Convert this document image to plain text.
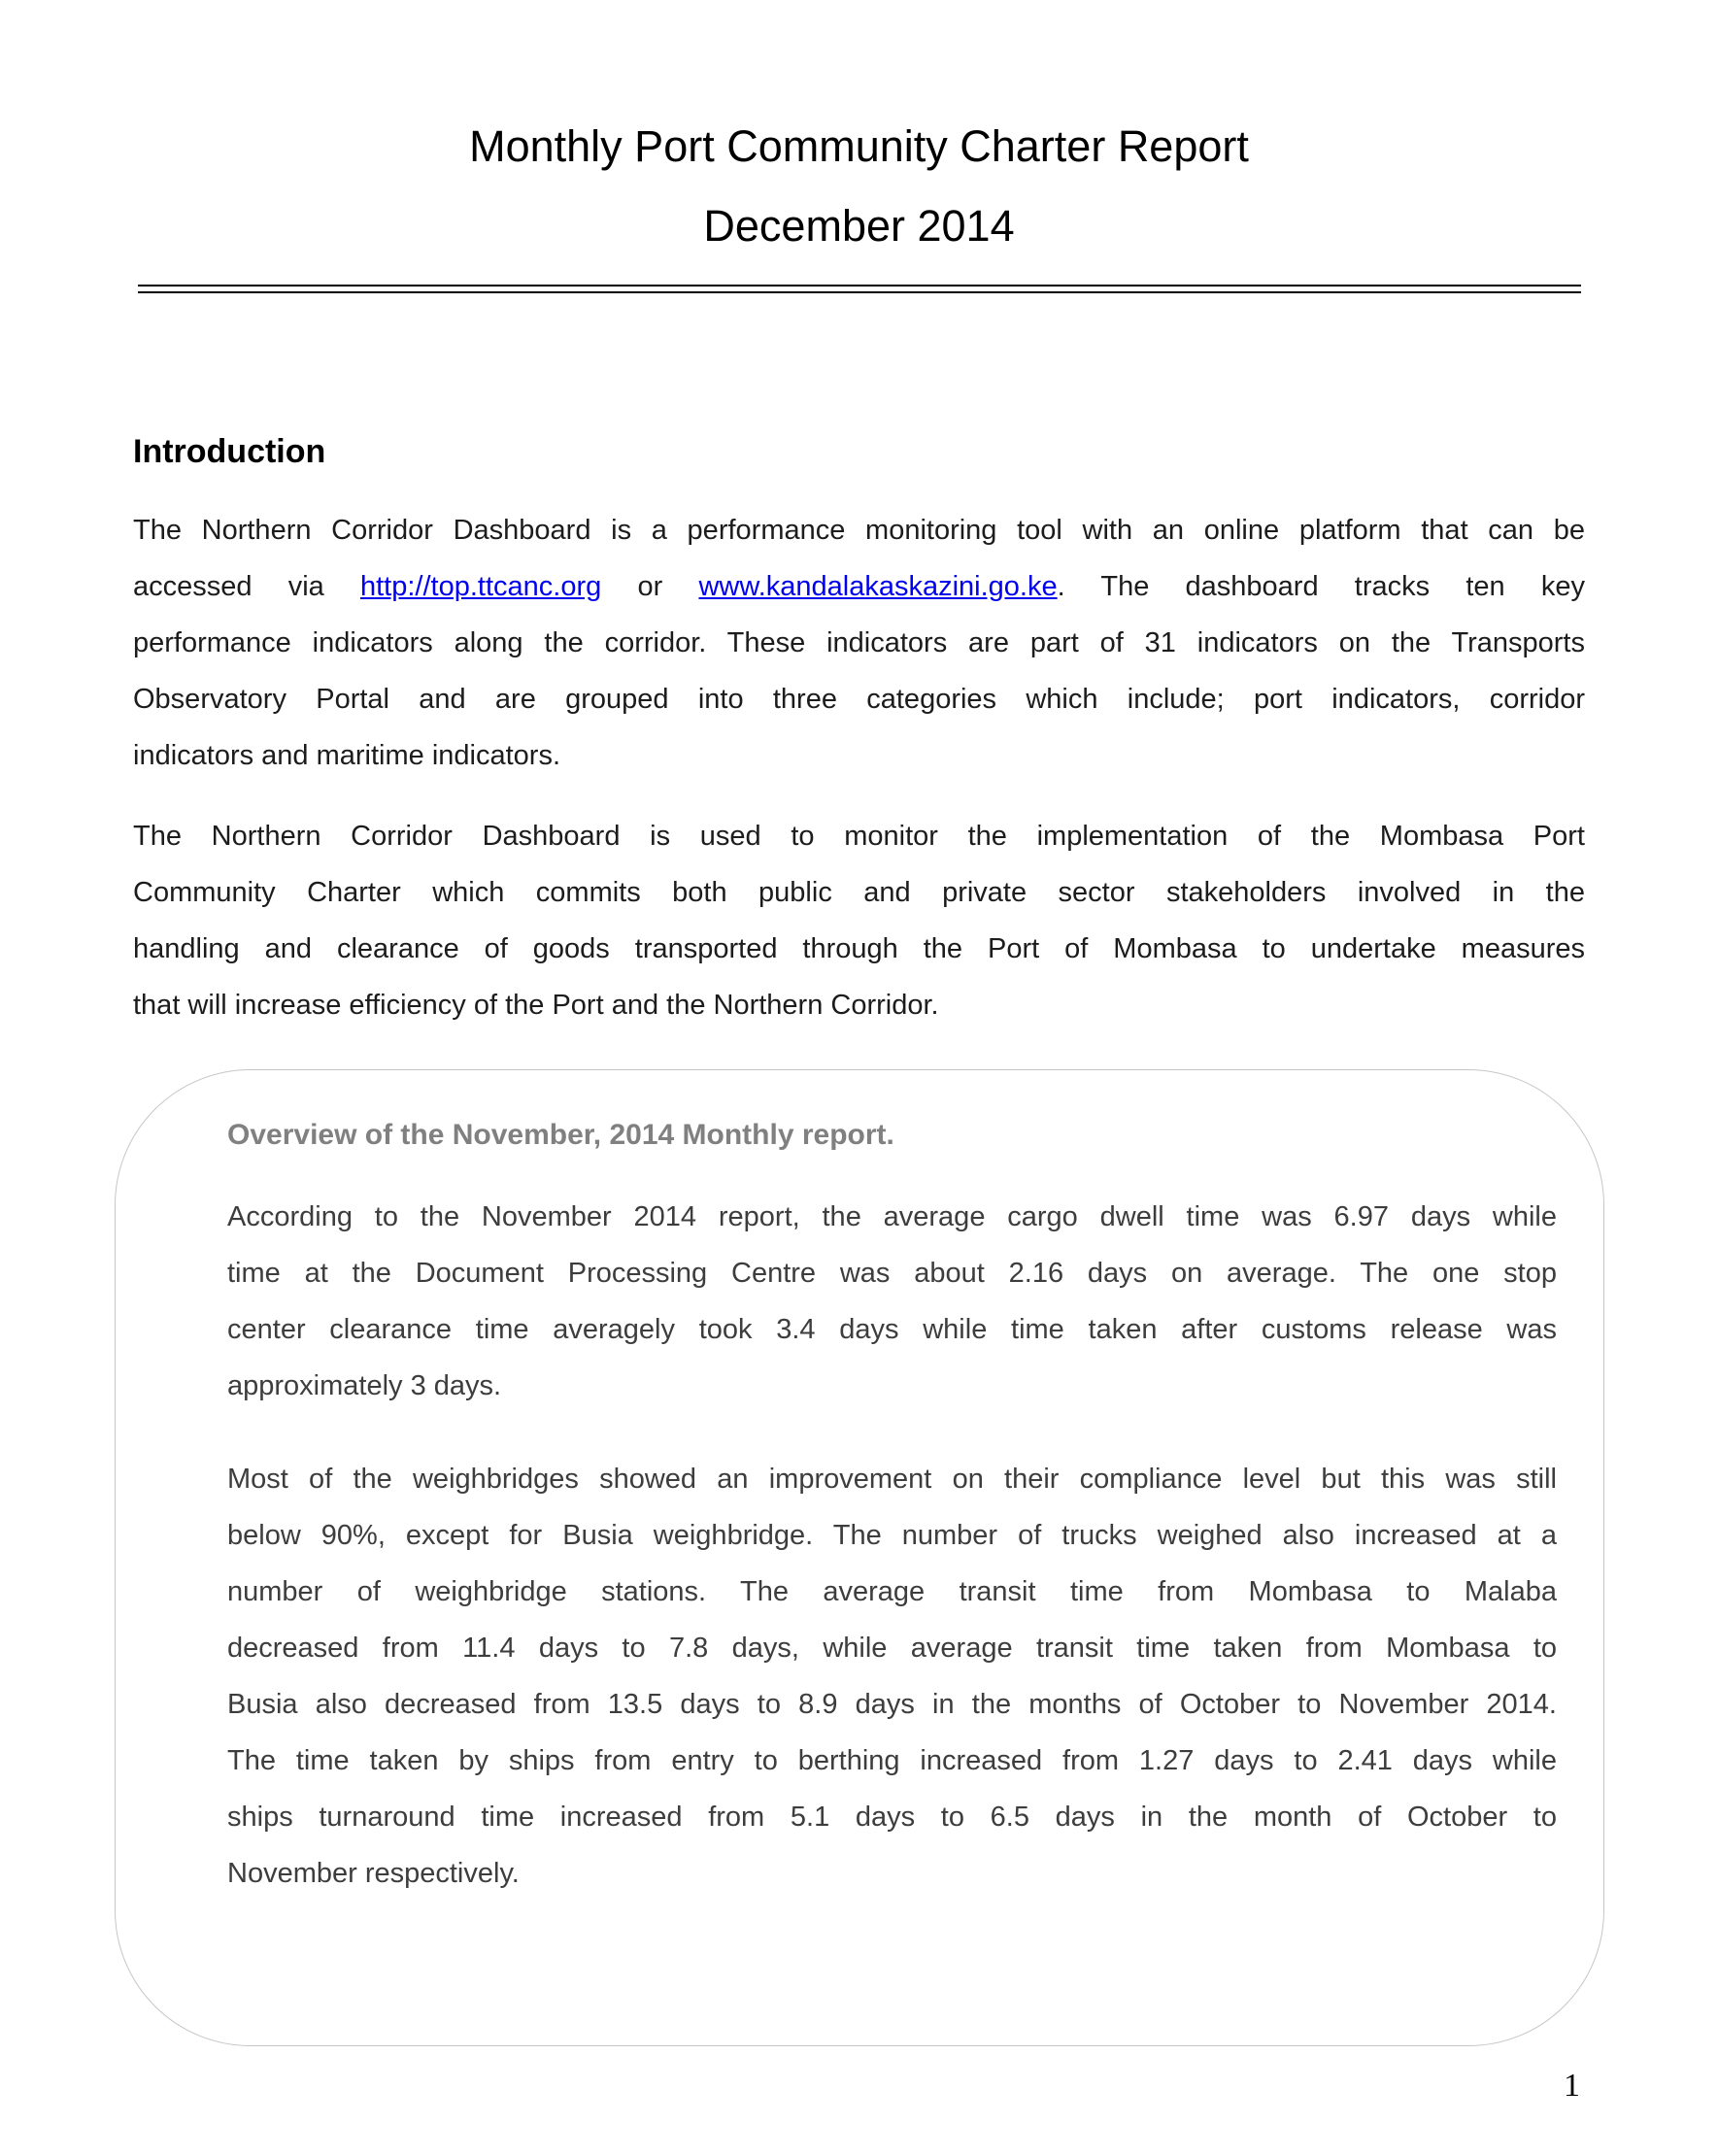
Monthly Port Community Charter Report
December 2014
Introduction
The Northern Corridor Dashboard is a performance monitoring tool with an online platform that can be
accessed via http://top.ttcanc.org or www.kandalakaskazini.go.ke. The dashboard tracks ten key
performance indicators along the corridor. These indicators are part of 31 indicators on the Transports
Observatory Portal and are grouped into three categories which include; port indicators, corridor
indicators and maritime indicators.
The Northern Corridor Dashboard is used to monitor the implementation of the Mombasa Port
Community Charter which commits both public and private sector stakeholders involved in the
handling and clearance of goods transported through the Port of Mombasa to undertake measures
that will increase efficiency of the Port and the Northern Corridor.
Overview of the November, 2014 Monthly report.
According to the November 2014 report, the average cargo dwell time was 6.97 days while
time at the Document Processing Centre was about 2.16 days on average. The one stop
center clearance time averagely took 3.4 days while time taken after customs release was
approximately 3 days.
Most of the weighbridges showed an improvement on their compliance level but this was still
below 90%, except for Busia weighbridge. The number of trucks weighed also increased at a
number of weighbridge stations. The average transit time from Mombasa to Malaba
decreased from 11.4 days to 7.8 days, while average transit time taken from Mombasa to
Busia also decreased from 13.5 days to 8.9 days in the months of October to November 2014.
The time taken by ships from entry to berthing increased from 1.27 days to 2.41 days while
ships turnaround time increased from 5.1 days to 6.5 days in the month of October to
November respectively.
1
